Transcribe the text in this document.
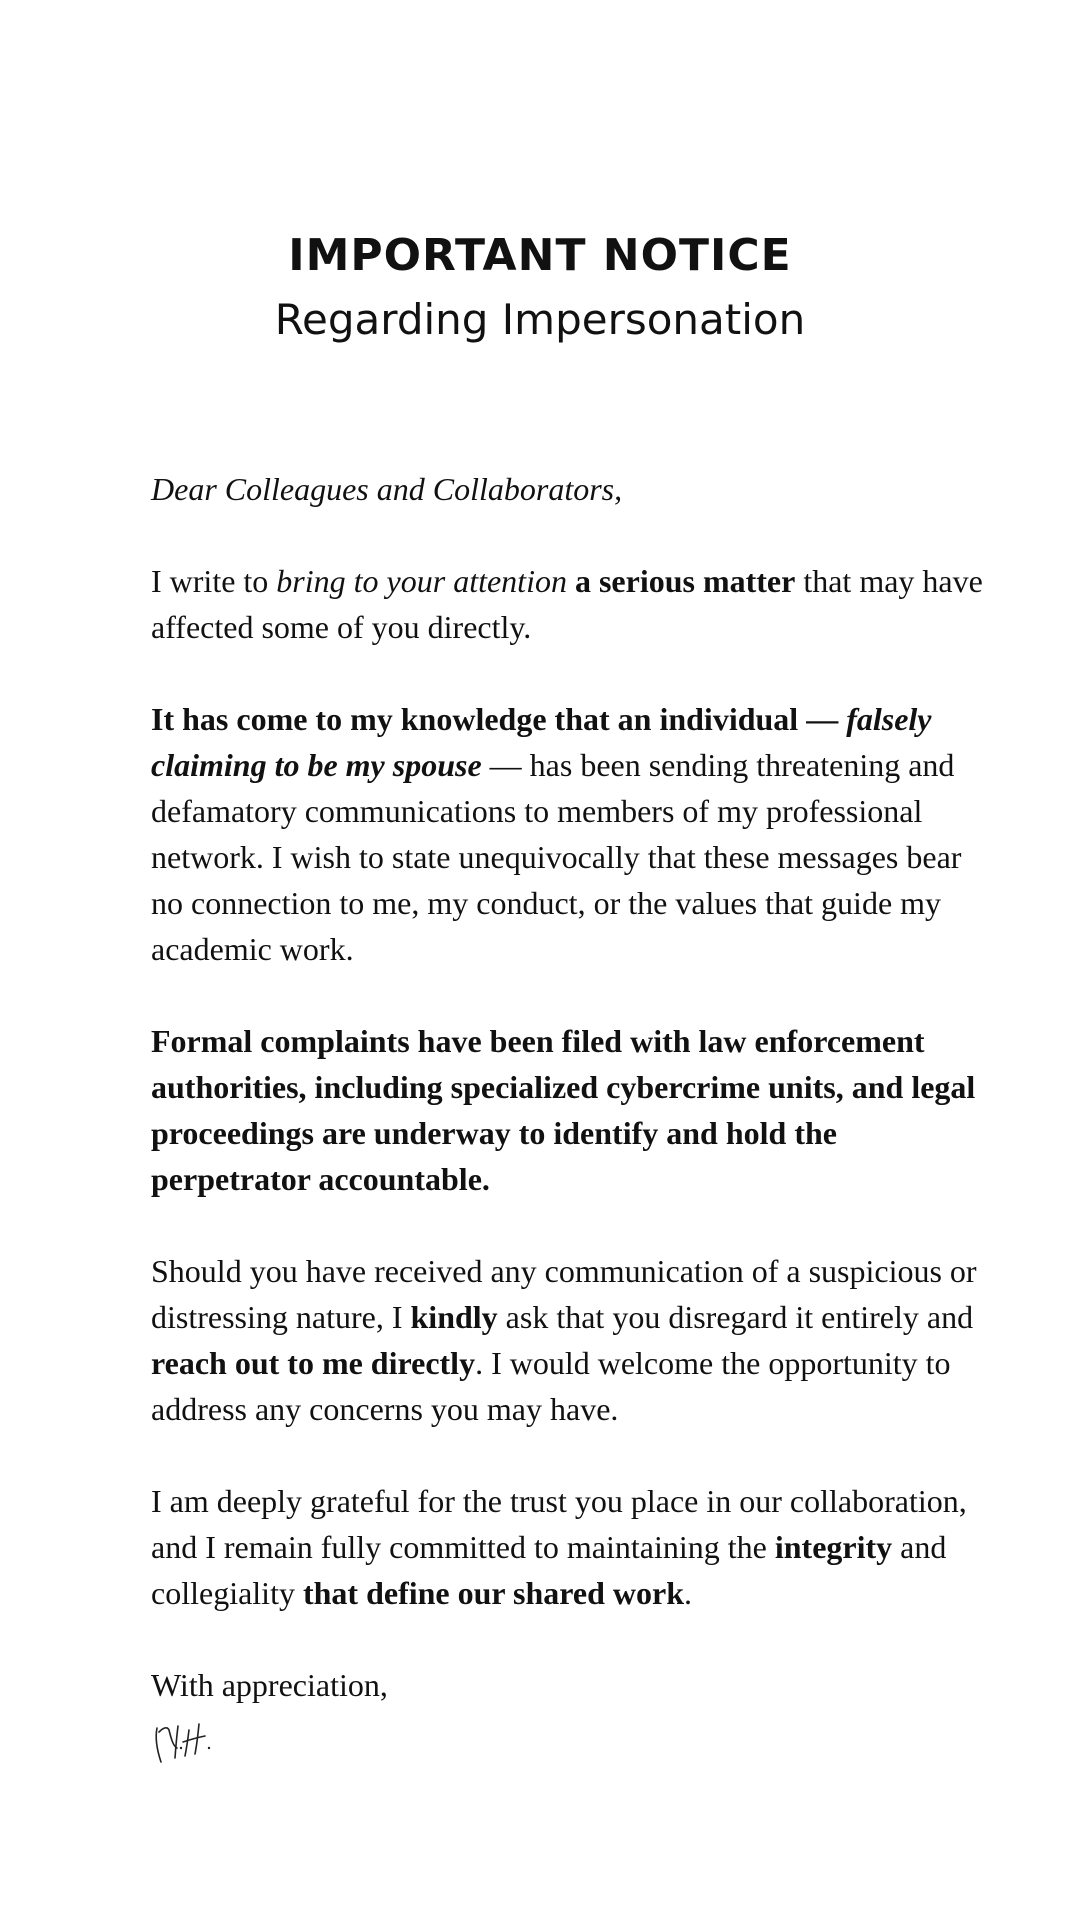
IMPORTANT NOTICE
Regarding Impersonation

Dear Colleagues and Collaborators,

I write to bring to your attention a serious matter that may have affected some of you directly.

It has come to my knowledge that an individual — falsely claiming to be my spouse — has been sending threatening and defamatory communications to members of my professional network. I wish to state unequivocally that these messages bear no connection to me, my conduct, or the values that guide my academic work.

Formal complaints have been filed with law enforcement authorities, including specialized cybercrime units, and legal proceedings are underway to identify and hold the perpetrator accountable.

Should you have received any communication of a suspicious or distressing nature, I kindly ask that you disregard it entirely and reach out to me directly. I would welcome the opportunity to address any concerns you may have.

I am deeply grateful for the trust you place in our collaboration, and I remain fully committed to maintaining the integrity and collegiality that define our shared work.

With appreciation,
